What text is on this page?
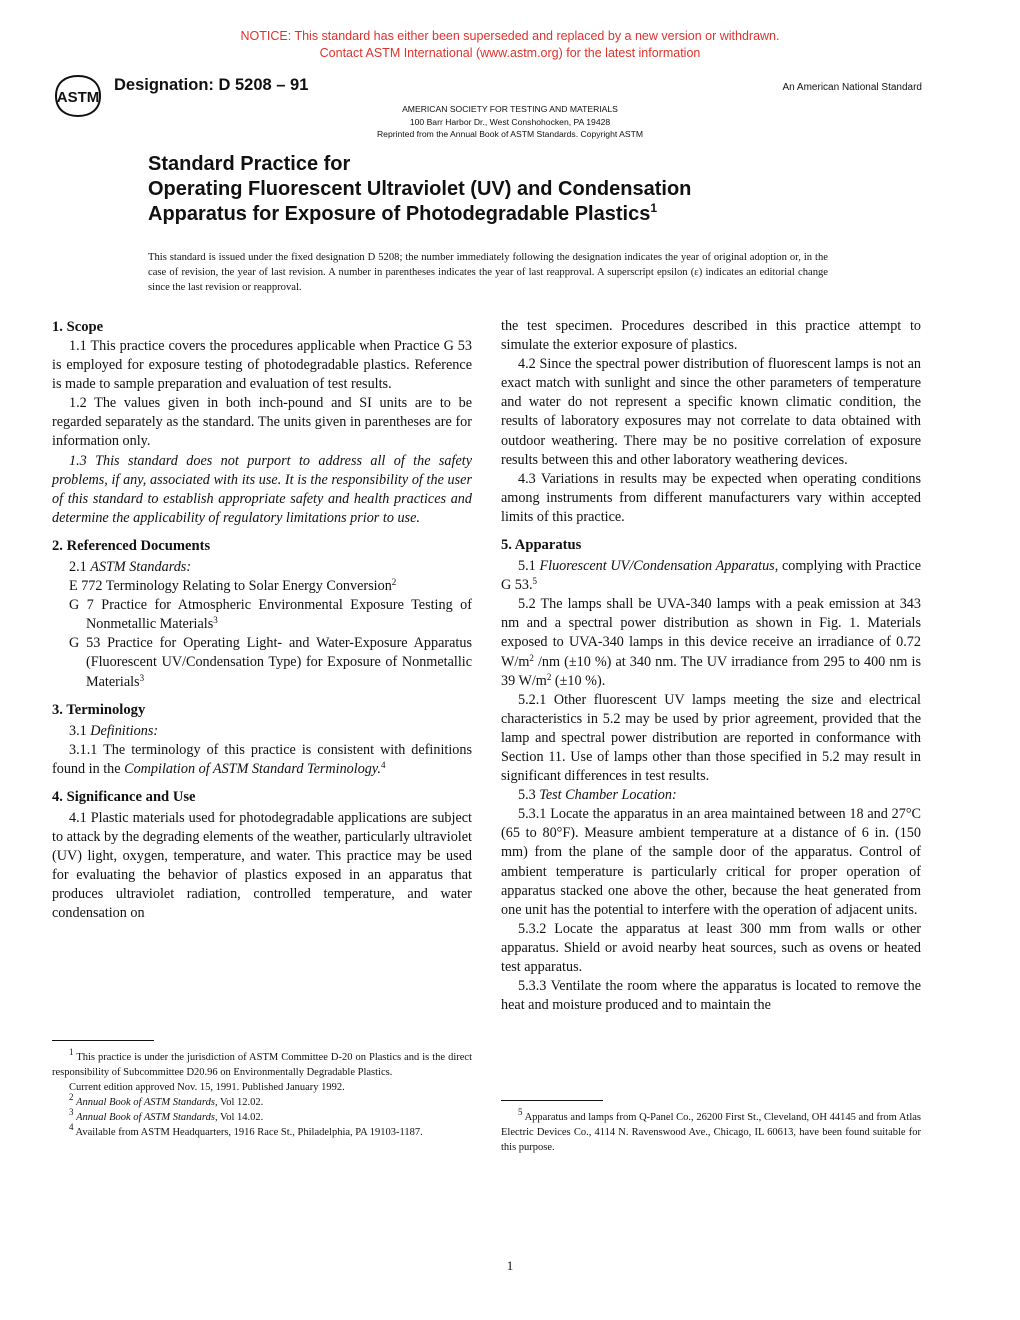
NOTICE: This standard has either been superseded and replaced by a new version or withdrawn.
Contact ASTM International (www.astm.org) for the latest information
ASTM
Designation: D 5208 – 91	An American National Standard
AMERICAN SOCIETY FOR TESTING AND MATERIALS
100 Barr Harbor Dr., West Conshohocken, PA 19428
Reprinted from the Annual Book of ASTM Standards. Copyright ASTM
Standard Practice for
Operating Fluorescent Ultraviolet (UV) and Condensation
Apparatus for Exposure of Photodegradable Plastics$^1$
This standard is issued under the fixed designation D 5208; the number immediately following the designation indicates the year of original adoption or, in the case of revision, the year of last revision. A number in parentheses indicates the year of last reapproval. A superscript epsilon (ε) indicates an editorial change since the last revision or reapproval.
1. Scope

1.1 This practice covers the procedures applicable when Practice G 53 is employed for exposure testing of photodegradable plastics. Reference is made to sample preparation and evaluation of test results.

1.2 The values given in both inch-pound and SI units are to be regarded separately as the standard. The units given in parentheses are for information only.

1.3 This standard does not purport to address all of the safety problems, if any, associated with its use. It is the responsibility of the user of this standard to establish appropriate safety and health practices and determine the applicability of regulatory limitations prior to use.

2. Referenced Documents

2.1 ASTM Standards:

E 772 Terminology Relating to Solar Energy Conversion$^2$

G 7 Practice for Atmospheric Environmental Exposure Testing of Nonmetallic Materials$^3$

G 53 Practice for Operating Light- and Water-Exposure Apparatus (Fluorescent UV/Condensation Type) for Exposure of Nonmetallic Materials$^3$

3. Terminology

3.1 Definitions:

3.1.1 The terminology of this practice is consistent with definitions found in the Compilation of ASTM Standard Terminology.$^4$

4. Significance and Use

4.1 Plastic materials used for photodegradable applications are subject to attack by the degrading elements of the weather, particularly ultraviolet (UV) light, oxygen, temperature, and water. This practice may be used for evaluating the behavior of plastics exposed in an apparatus that produces ultraviolet radiation, controlled temperature, and water condensation on

$^1$ This practice is under the jurisdiction of ASTM Committee D-20 on Plastics and is the direct responsibility of Subcommittee D20.96 on Environmentally Degradable Plastics.

Current edition approved Nov. 15, 1991. Published January 1992.

$^2$ Annual Book of ASTM Standards, Vol 12.02.

$^3$ Annual Book of ASTM Standards, Vol 14.02.

$^4$ Available from ASTM Headquarters, 1916 Race St., Philadelphia, PA 19103-1187.

the test specimen. Procedures described in this practice attempt to simulate the exterior exposure of plastics.

4.2 Since the spectral power distribution of fluorescent lamps is not an exact match with sunlight and since the other parameters of temperature and water do not represent a specific known climatic condition, the results of laboratory exposures may not correlate to data obtained with outdoor weathering. There may be no positive correlation of exposure results between this and other laboratory weathering devices.

4.3 Variations in results may be expected when operating conditions among instruments from different manufacturers vary within accepted limits of this practice.

5. Apparatus

5.1 Fluorescent UV/Condensation Apparatus, complying with Practice G 53.$^5$

5.2 The lamps shall be UVA-340 lamps with a peak emission at 343 nm and a spectral power distribution as shown in Fig. 1. Materials exposed to UVA-340 lamps in this device receive an irradiance of 0.72 W/m$^2$ /nm (±10 %) at 340 nm. The UV irradiance from 295 to 400 nm is 39 W/m$^2$ (±10 %).

5.2.1 Other fluorescent UV lamps meeting the size and electrical characteristics in 5.2 may be used by prior agreement, provided that the lamp and spectral power distribution are reported in conformance with Section 11. Use of lamps other than those specified in 5.2 may result in significant differences in test results.

5.3 Test Chamber Location:

5.3.1 Locate the apparatus in an area maintained between 18 and 27°C (65 to 80°F). Measure ambient temperature at a distance of 6 in. (150 mm) from the plane of the sample door of the apparatus. Control of ambient temperature is particularly critical for proper operation of apparatus stacked one above the other, because the heat generated from one unit has the potential to interfere with the operation of adjacent units.

5.3.2 Locate the apparatus at least 300 mm from walls or other apparatus. Shield or avoid nearby heat sources, such as ovens or heated test apparatus.

5.3.3 Ventilate the room where the apparatus is located to remove the heat and moisture produced and to maintain the

$^5$ Apparatus and lamps from Q-Panel Co., 26200 First St., Cleveland, OH 44145 and from Atlas Electric Devices Co., 4114 N. Ravenswood Ave., Chicago, IL 60613, have been found suitable for this purpose.

1
